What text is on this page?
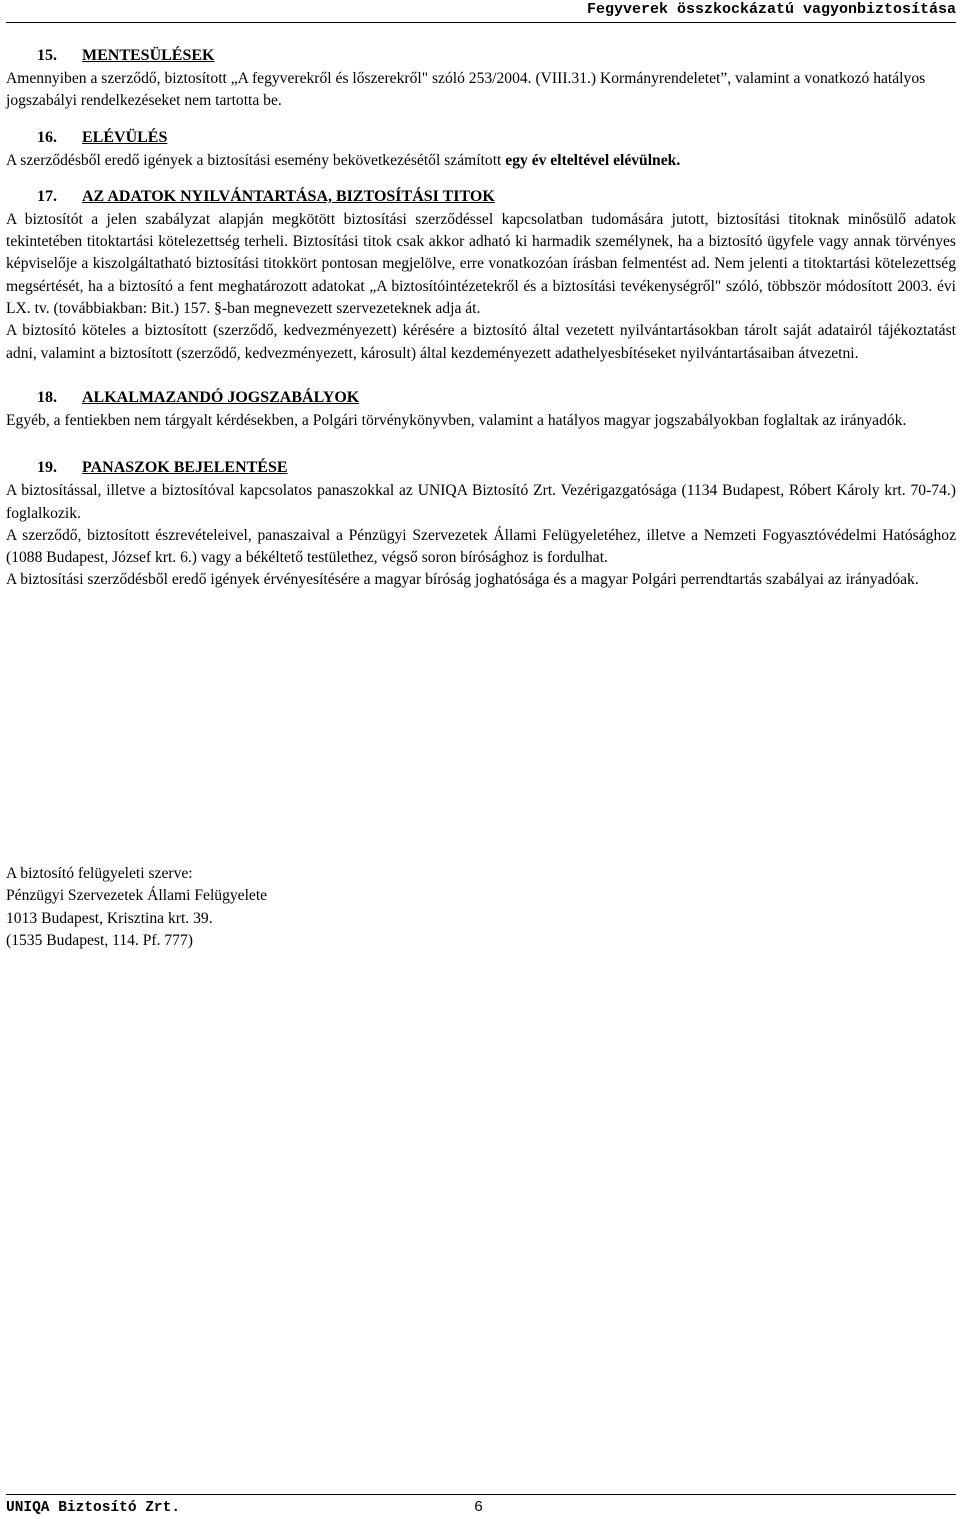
Fegyverek összkockázatú vagyonbiztosítása
15. MENTESÜLÉSEK

Amennyiben a szerződő, biztosított „A fegyverekről és lőszerekről" szóló 253/2004. (VIII.31.) Kormányrendeletet”, valamint a vonatkozó hatályos jogszabályi rendelkezéseket nem tartotta be.

16. ELÉVÜLÉS

A szerződésből eredő igények a biztosítási esemény bekövetkezésétől számított egy év elteltével elévülnek.

17. AZ ADATOK NYILVÁNTARTÁSA, BIZTOSÍTÁSI TITOK

A biztosítót a jelen szabályzat alapján megkötött biztosítási szerződéssel kapcsolatban tudomására jutott, biztosítási titoknak minősülő adatok tekintetében titoktartási kötelezettség terheli. Biztosítási titok csak akkor adható ki harmadik személynek, ha a biztosító ügyfele vagy annak törvényes képviselője a kiszolgáltatható biztosítási titokkört pontosan megjelölve, erre vonatkozóan írásban felmentést ad. Nem jelenti a titoktartási kötelezettség megsértését, ha a biztosító a fent meghatározott adatokat „A biztosítóintézetekről és a biztosítási tevékenységről" szóló, többször módosított 2003. évi LX. tv. (továbbiakban: Bit.) 157. §-ban megnevezett szervezeteknek adja át.

A biztosító köteles a biztosított (szerződő, kedvezményezett) kérésére a biztosító által vezetett nyilvántartásokban tárolt saját adatairól tájékoztatást adni, valamint a biztosított (szerződő, kedvezményezett, károsult) által kezdeményezett adathelyesbítéseket nyilvántartásaiban átvezetni.

18. ALKALMAZANDÓ JOGSZABÁLYOK

Egyéb, a fentiekben nem tárgyalt kérdésekben, a Polgári törvénykönyvben, valamint a hatályos magyar jogszabályokban foglaltak az irányadók.

19. PANASZOK BEJELENTÉSE

A biztosítással, illetve a biztosítóval kapcsolatos panaszokkal az UNIQA Biztosító Zrt. Vezérigazgatósága (1134 Budapest, Róbert Károly krt. 70-74.) foglalkozik.

A szerződő, biztosított észrevételeivel, panaszaival a Pénzügyi Szervezetek Állami Felügyeletéhez, illetve a Nemzeti Fogyasztóvédelmi Hatósághoz (1088 Budapest, József krt. 6.) vagy a békéltető testülethez, végső soron bírósághoz is fordulhat.

A biztosítási szerződésből eredő igények érvényesítésére a magyar bíróság joghatósága és a magyar Polgári perrendtartás szabályai az irányadóak.

A biztosító felügyeleti szerve:
Pénzügyi Szervezetek Állami Felügyelete
1013 Budapest, Krisztina krt. 39.
(1535 Budapest, 114. Pf. 777)
UNIQA Biztosító Zrt.	6
